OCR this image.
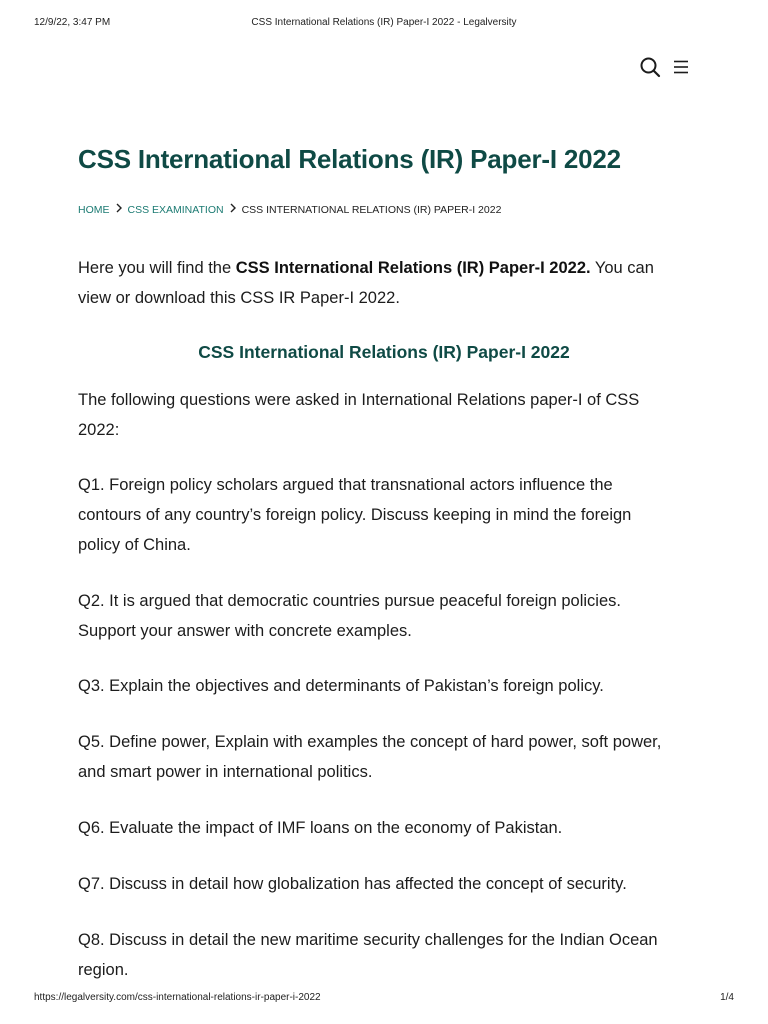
12/9/22, 3:47 PM	CSS International Relations (IR) Paper-I 2022 - Legalversity
CSS International Relations (IR) Paper-I 2022
HOME CSS EXAMINATION CSS INTERNATIONAL RELATIONS (IR) PAPER-I 2022

Here you will find the CSS International Relations (IR) Paper-I 2022. You can
view or download this CSS IR Paper-I 2022.

CSS International Relations (IR) Paper-I 2022

The following questions were asked in International Relations paper-I of CSS
2022:

Q1. Foreign policy scholars argued that transnational actors influence the
contours of any country’s foreign policy. Discuss keeping in mind the foreign
policy of China.

Q2. It is argued that democratic countries pursue peaceful foreign policies.
Support your answer with concrete examples.

Q3. Explain the objectives and determinants of Pakistan’s foreign policy.

Q5. Define power, Explain with examples the concept of hard power, soft power,
and smart power in international politics.

Q6. Evaluate the impact of IMF loans on the economy of Pakistan.

Q7. Discuss in detail how globalization has affected the concept of security.

Q8. Discuss in detail the new maritime security challenges for the Indian Ocean
region.

https://legalversity.com/css-international-relations-ir-paper-i-2022	1/4
